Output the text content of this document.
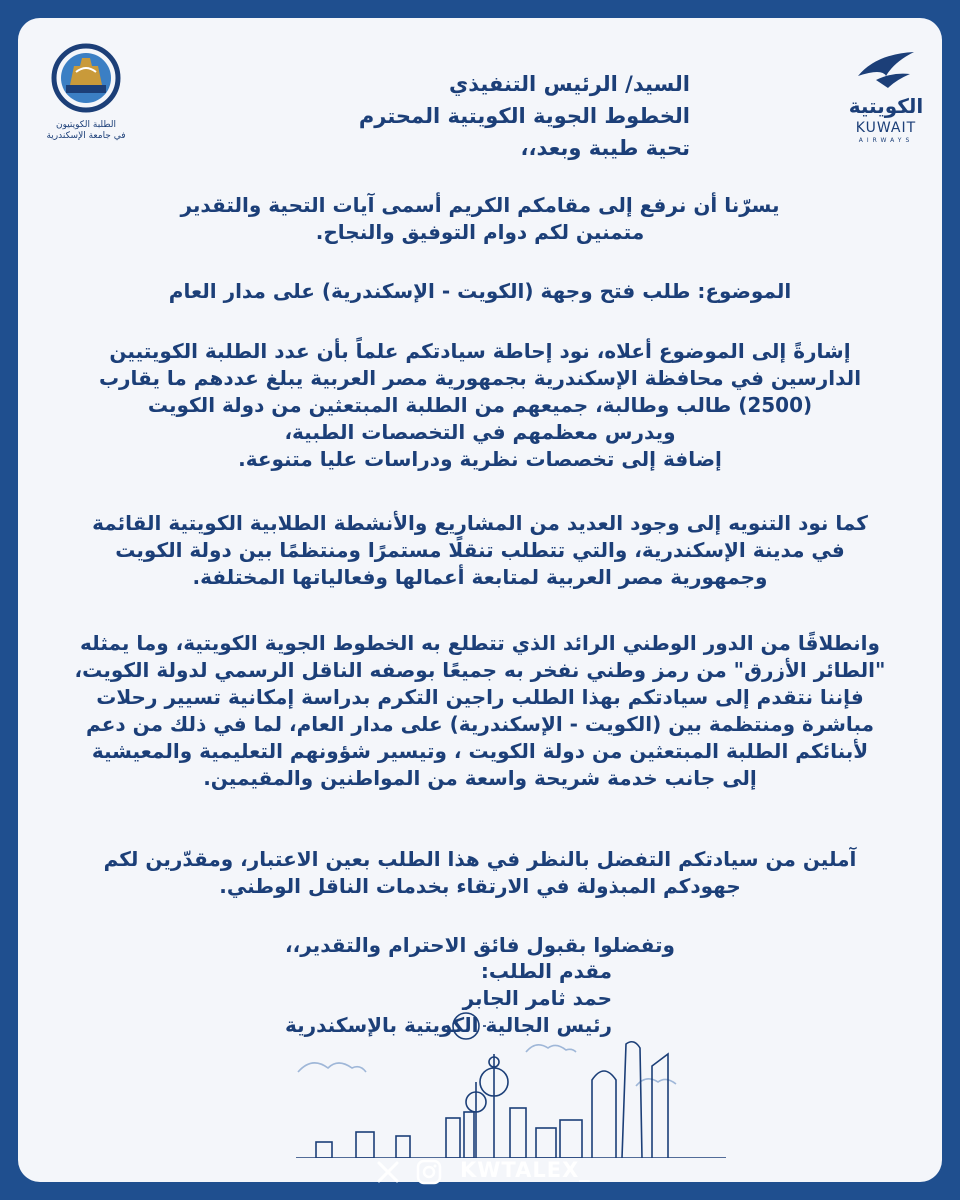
الطلبة الكويتيون
في جامعة الإسكندرية
الكويتية
KUWAIT
AIRWAYS
السيد/ الرئيس التنفيذي
الخطوط الجوية الكويتية المحترم
تحية طيبة وبعد،،
يسرّنا أن نرفع إلى مقامكم الكريم أسمى آيات التحية والتقدير
متمنين لكم دوام التوفيق والنجاح.
الموضوع: طلب فتح وجهة (الكويت - الإسكندرية) على مدار العام
إشارةً إلى الموضوع أعلاه، نود إحاطة سيادتكم علماً بأن عدد الطلبة الكويتيين
الدارسين في محافظة الإسكندرية بجمهورية مصر العربية يبلغ عددهم ما يقارب
(2500) طالب وطالبة، جميعهم من الطلبة المبتعثين من دولة الكويت
ويدرس معظمهم في التخصصات الطبية،
إضافة إلى تخصصات نظرية ودراسات عليا متنوعة.
كما نود التنويه إلى وجود العديد من المشاريع والأنشطة الطلابية الكويتية القائمة
في مدينة الإسكندرية، والتي تتطلب تنقلًا مستمرًا ومنتظمًا بين دولة الكويت
وجمهورية مصر العربية لمتابعة أعمالها وفعالياتها المختلفة.
وانطلاقًا من الدور الوطني الرائد الذي تتطلع به الخطوط الجوية الكويتية، وما يمثله
"الطائر الأزرق" من رمز وطني نفخر به جميعًا بوصفه الناقل الرسمي لدولة الكويت،
فإننا نتقدم إلى سيادتكم بهذا الطلب راجين التكرم بدراسة إمكانية تسيير رحلات
مباشرة ومنتظمة بين (الكويت - الإسكندرية) على مدار العام، لما في ذلك من دعم
لأبنائكم الطلبة المبتعثين من دولة الكويت ، وتيسير شؤونهم التعليمية والمعيشية
إلى جانب خدمة شريحة واسعة من المواطنين والمقيمين.
آملين من سيادتكم التفضل بالنظر في هذا الطلب بعين الاعتبار، ومقدّرين لكم
جهودكم المبذولة في الارتقاء بخدمات الناقل الوطني.
وتفضلوا بقبول فائق الاحترام والتقدير،،
مقدم الطلب:
حمد ثامر الجابر
رئيس الجالية الكويتية بالإسكندرية
KWTALEX_
